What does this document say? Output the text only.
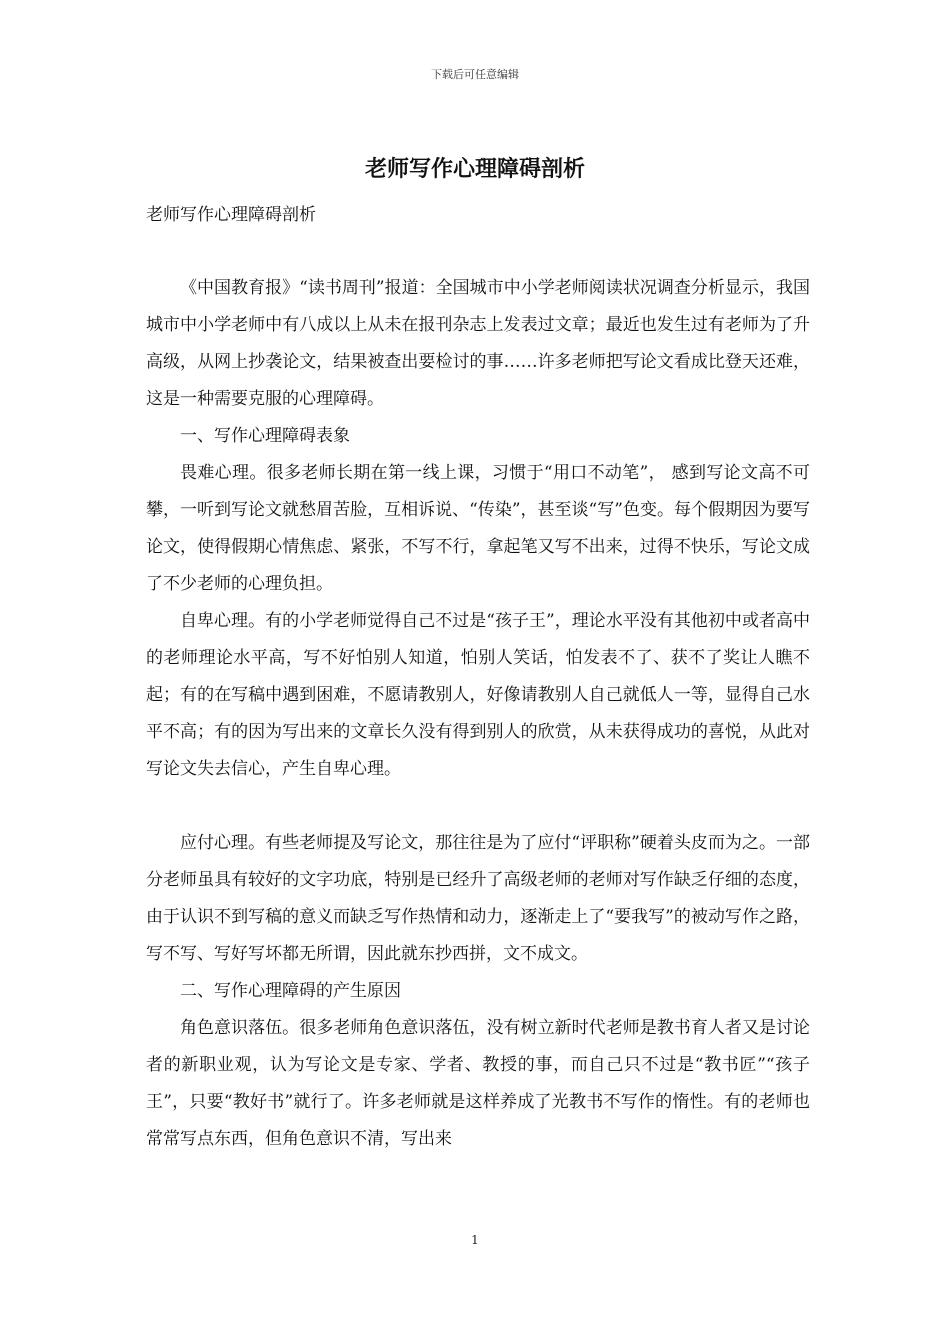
下载后可任意编辑
老师写作心理障碍剖析
老师写作心理障碍剖析

《中国教育报》“读书周刊”报道：全国城市中小学老师阅读状况调查分析显示，我国城市中小学老师中有八成以上从未在报刊杂志上发表过文章；最近也发生过有老师为了升高级，从网上抄袭论文，结果被查出要检讨的事……许多老师把写论文看成比登天还难，这是一种需要克服的心理障碍。

一、写作心理障碍表象

畏难心理。很多老师长期在第一线上课，习惯于“用口不动笔”， 感到写论文高不可攀，一听到写论文就愁眉苦脸，互相诉说、“传染”，甚至谈“写”色变。每个假期因为要写论文，使得假期心情焦虑、紧张，不写不行，拿起笔又写不出来，过得不快乐，写论文成了不少老师的心理负担。

自卑心理。有的小学老师觉得自己不过是“孩子王”，理论水平没有其他初中或者高中的老师理论水平高，写不好怕别人知道，怕别人笑话，怕发表不了、获不了奖让人瞧不起；有的在写稿中遇到困难，不愿请教别人，好像请教别人自己就低人一等，显得自己水平不高；有的因为写出来的文章长久没有得到别人的欣赏，从未获得成功的喜悦，从此对写论文失去信心，产生自卑心理。

应付心理。有些老师提及写论文，那往往是为了应付“评职称”硬着头皮而为之。一部分老师虽具有较好的文字功底，特别是已经升了高级老师的老师对写作缺乏仔细的态度，由于认识不到写稿的意义而缺乏写作热情和动力，逐渐走上了“要我写”的被动写作之路，写不写、写好写坏都无所谓，因此就东抄西拼，文不成文。

二、写作心理障碍的产生原因

角色意识落伍。很多老师角色意识落伍，没有树立新时代老师是教书育人者又是讨论者的新职业观，认为写论文是专家、学者、教授的事，而自己只不过是“教书匠”“孩子王”，只要“教好书”就行了。许多老师就是这样养成了光教书不写作的惰性。有的老师也常常写点东西，但角色意识不清，写出来

1
